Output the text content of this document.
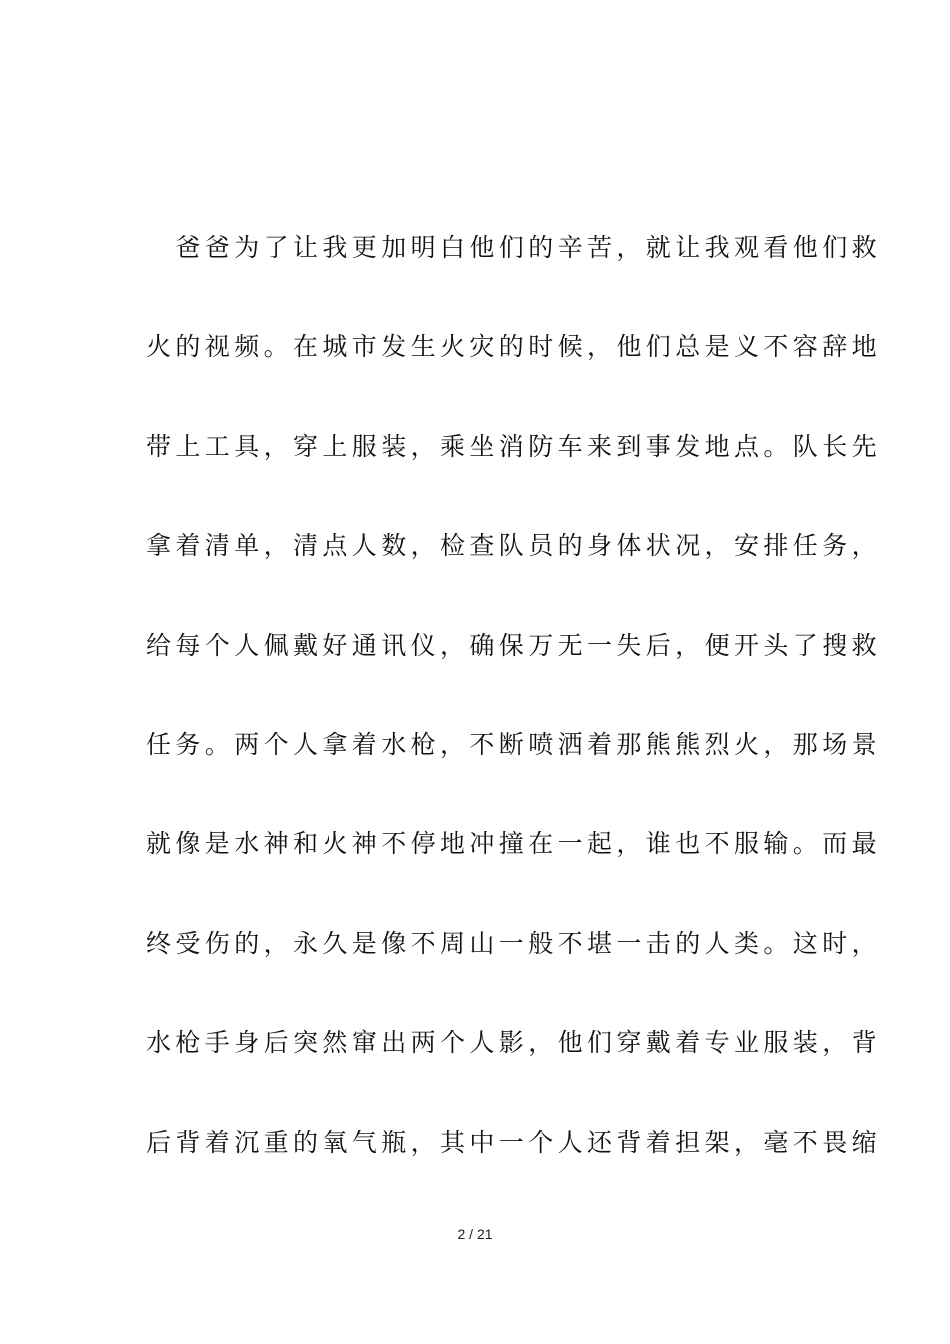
　爸爸为了让我更加明白他们的辛苦，就让我观看他们救
火的视频。在城市发生火灾的时候，他们总是义不容辞地
带上工具，穿上服装，乘坐消防车来到事发地点。队长先
拿着清单，清点人数，检查队员的身体状况，安排任务，
给每个人佩戴好通讯仪，确保万无一失后，便开头了搜救
任务。两个人拿着水枪，不断喷洒着那熊熊烈火，那场景
就像是水神和火神不停地冲撞在一起，谁也不服输。而最
终受伤的，永久是像不周山一般不堪一击的人类。这时，
水枪手身后突然窜出两个人影，他们穿戴着专业服装，背
后背着沉重的氧气瓶，其中一个人还背着担架，毫不畏缩
2 / 21
